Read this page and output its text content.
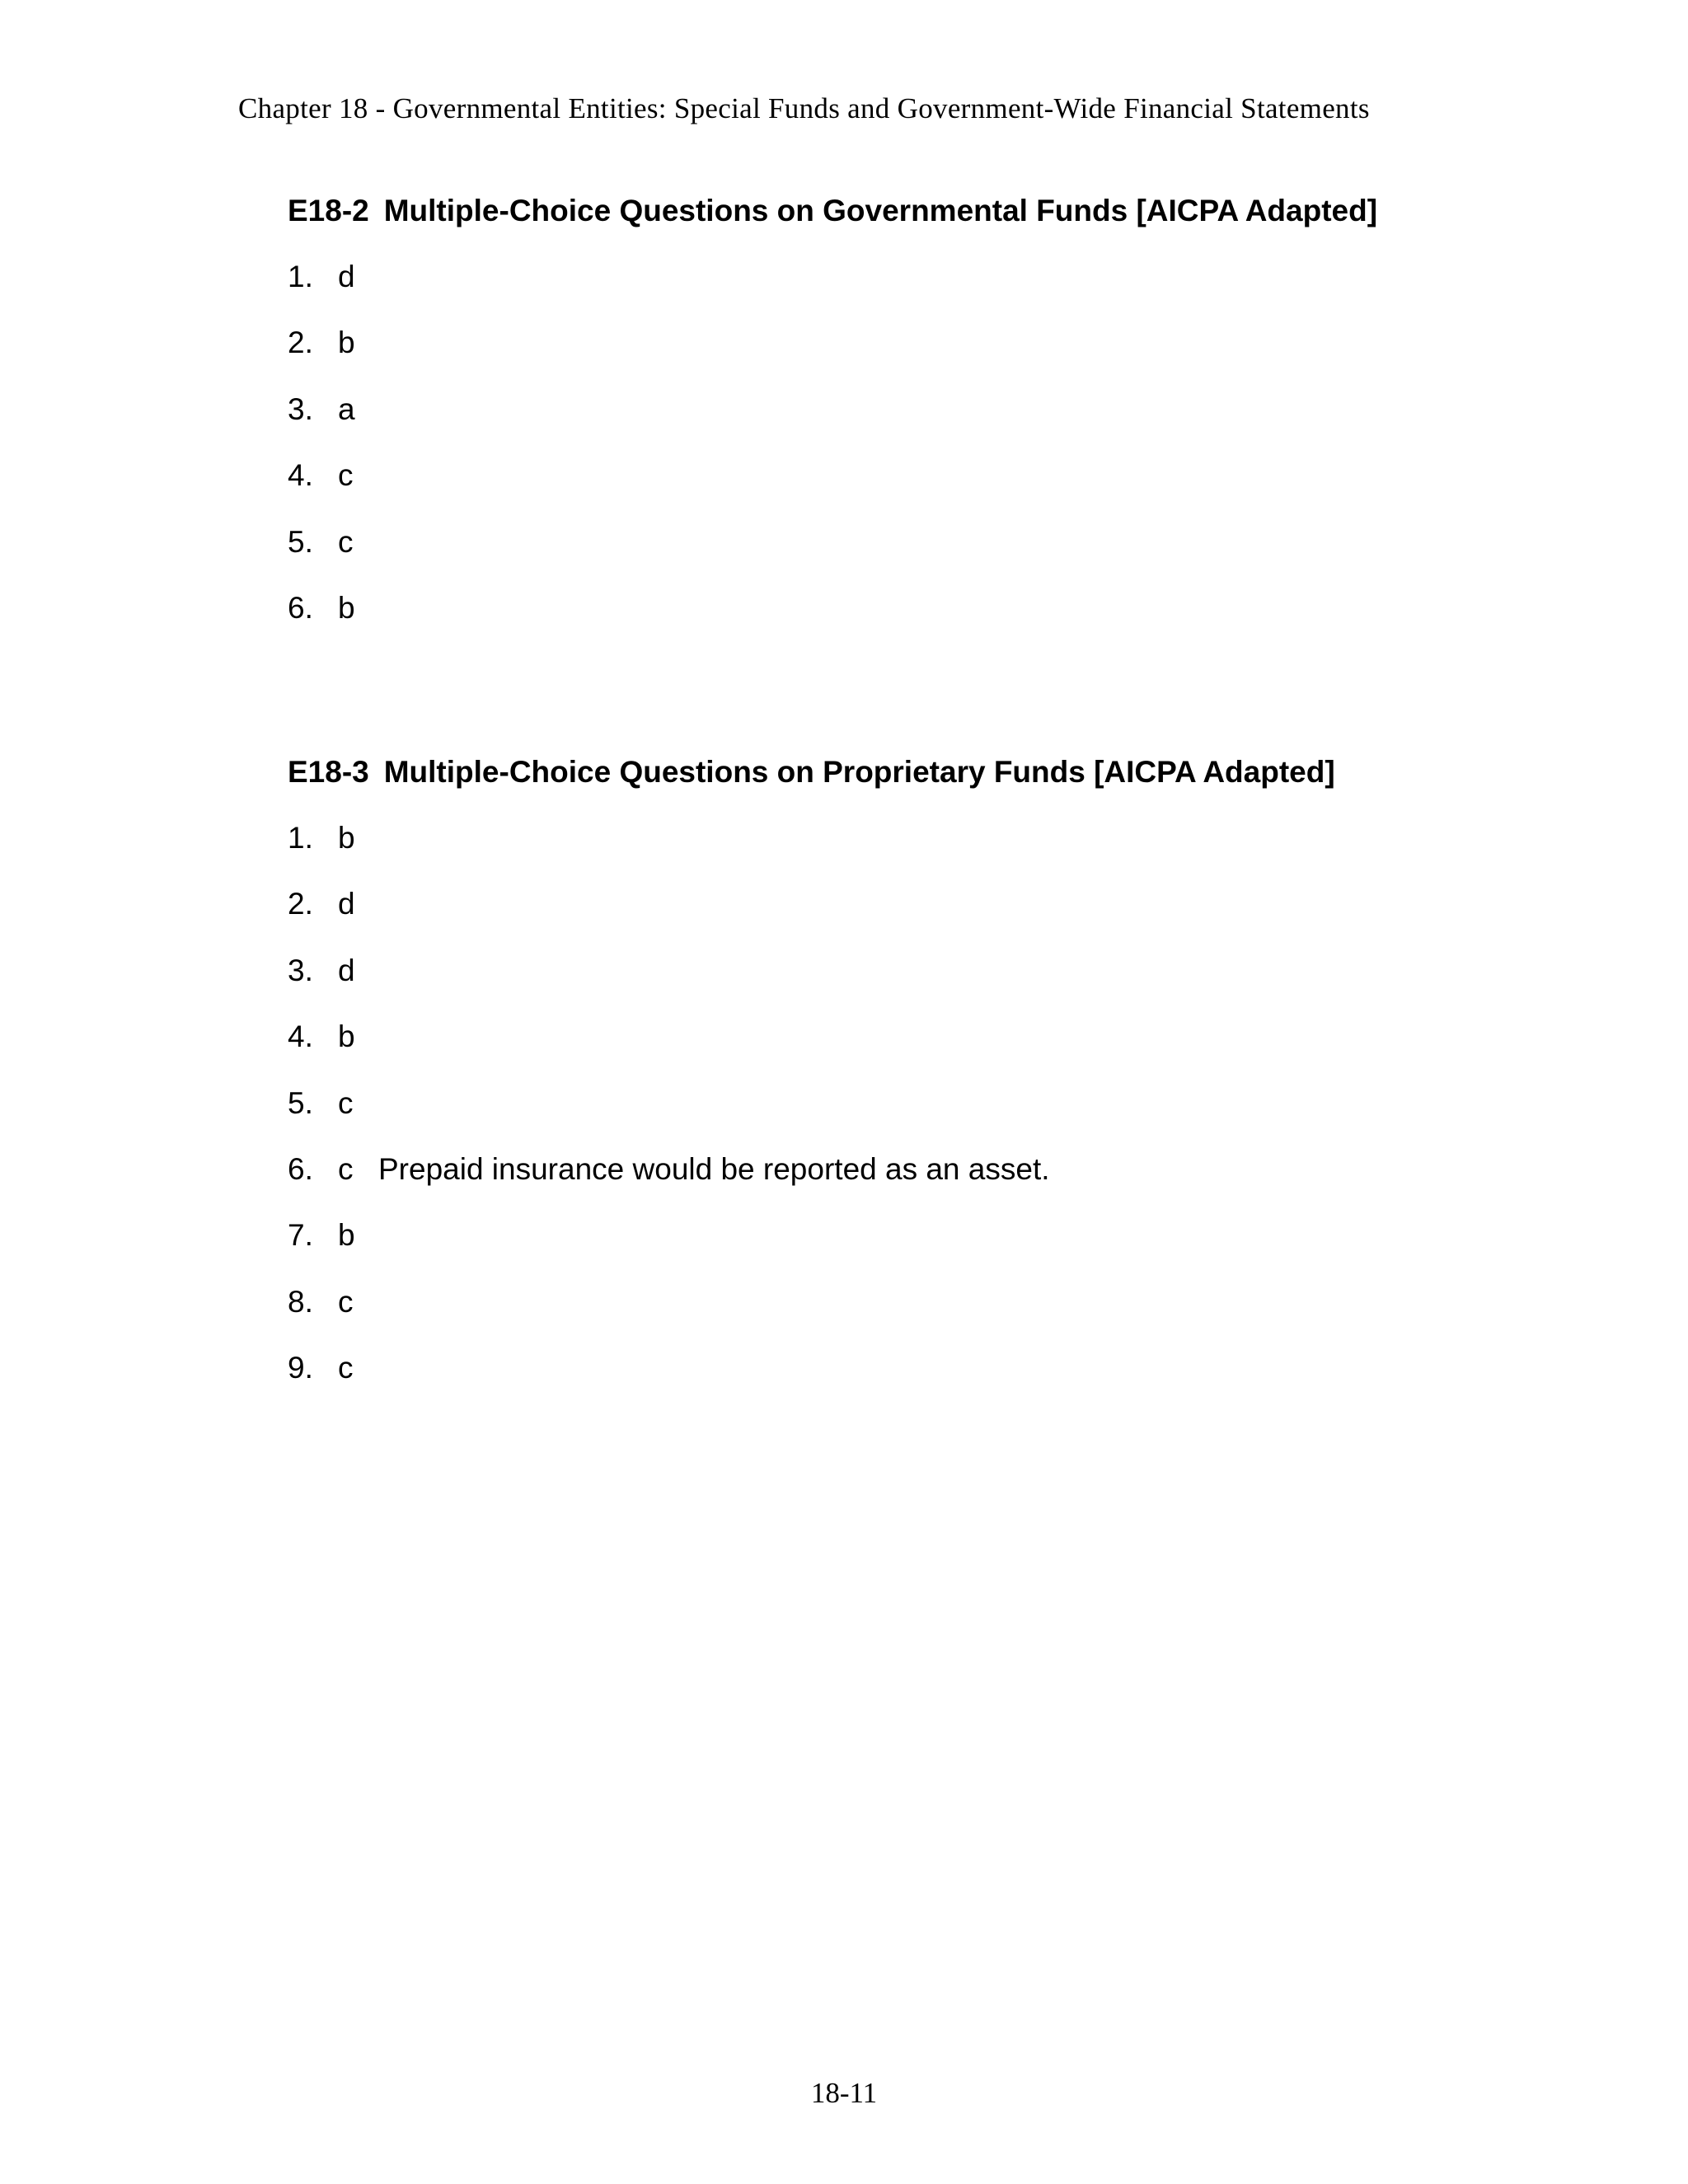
Chapter 18 - Governmental Entities: Special Funds and Government-Wide Financial Statements
E18-2 Multiple-Choice Questions on Governmental Funds [AICPA Adapted]
1. d
2. b
3. a
4. c
5. c
6. b
E18-3 Multiple-Choice Questions on Proprietary Funds [AICPA Adapted]
1. b
2. d
3. d
4. b
5. c
6. c Prepaid insurance would be reported as an asset.
7. b
8. c
9. c
18-11
